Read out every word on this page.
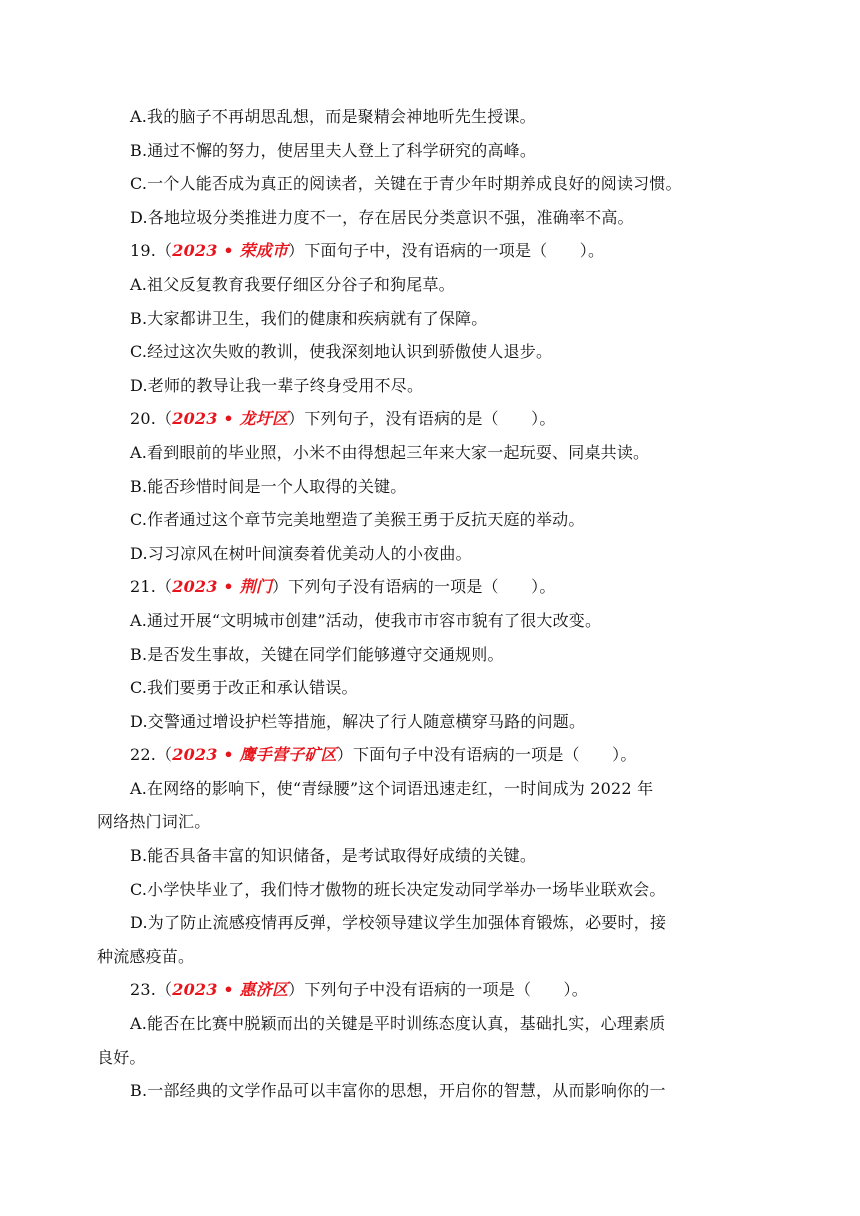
A.我的脑子不再胡思乱想，而是聚精会神地听先生授课。
B.通过不懈的努力，使居里夫人登上了科学研究的高峰。
C.一个人能否成为真正的阅读者，关键在于青少年时期养成良好的阅读习惯。
D.各地垃圾分类推进力度不一，存在居民分类意识不强，准确率不高。
19.（2023 • 荣成市）下面句子中，没有语病的一项是（　　）。
A.祖父反复教育我要仔细区分谷子和狗尾草。
B.大家都讲卫生，我们的健康和疾病就有了保障。
C.经过这次失败的教训，使我深刻地认识到骄傲使人退步。
D.老师的教导让我一辈子终身受用不尽。
20.（2023 • 龙圩区）下列句子，没有语病的是（　　）。
A.看到眼前的毕业照，小米不由得想起三年来大家一起玩耍、同桌共读。
B.能否珍惜时间是一个人取得的关键。
C.作者通过这个章节完美地塑造了美猴王勇于反抗天庭的举动。
D.习习凉风在树叶间演奏着优美动人的小夜曲。
21.（2023 • 荆门）下列句子没有语病的一项是（　　）。
A.通过开展“文明城市创建”活动，使我市市容市貌有了很大改变。
B.是否发生事故，关键在同学们能够遵守交通规则。
C.我们要勇于改正和承认错误。
D.交警通过增设护栏等措施，解决了行人随意横穿马路的问题。
22.（2023 • 鹰手营子矿区）下面句子中没有语病的一项是（　　）。
A.在网络的影响下，使“青绿腰”这个词语迅速走红，一时间成为 2022 年
网络热门词汇。
B.能否具备丰富的知识储备，是考试取得好成绩的关键。
C.小学快毕业了，我们恃才傲物的班长决定发动同学举办一场毕业联欢会。
D.为了防止流感疫情再反弹，学校领导建议学生加强体育锻炼，必要时，接
种流感疫苗。
23.（2023 • 惠济区）下列句子中没有语病的一项是（　　）。
A.能否在比赛中脱颖而出的关键是平时训练态度认真，基础扎实，心理素质
良好。
B.一部经典的文学作品可以丰富你的思想，开启你的智慧，从而影响你的一
